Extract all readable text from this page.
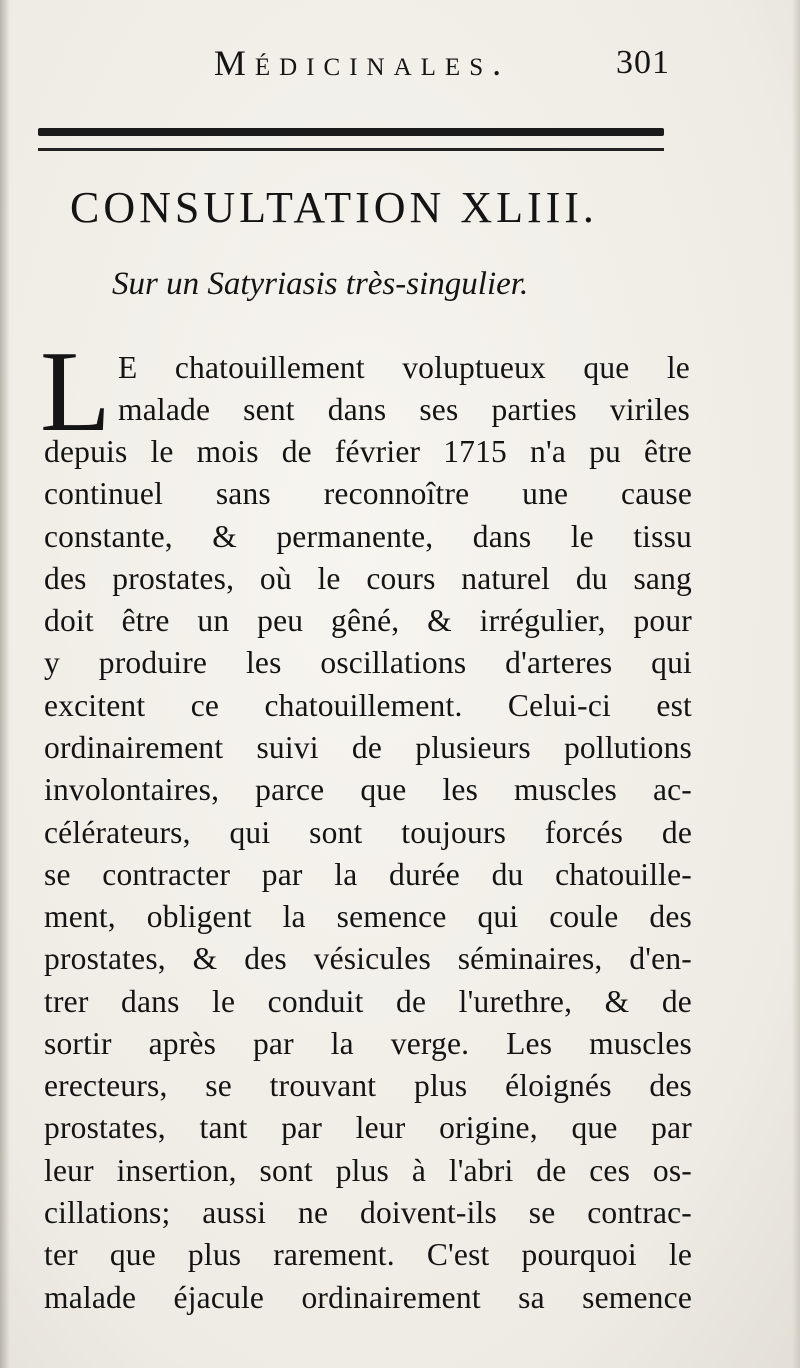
Médicinales.	301
CONSULTATION XLIII.
Sur un Satyriasis très-singulier.
L E chatouillement voluptueux que le
malade sent dans ses parties viriles
depuis le mois de février 1715 n'a pu être
continuel sans reconnoître une cause
constante, & permanente, dans le tissu
des prostates, où le cours naturel du sang
doit être un peu gêné, & irrégulier, pour
y produire les oscillations d'arteres qui
excitent ce chatouillement. Celui-ci est
ordinairement suivi de plusieurs pollutions
involontaires, parce que les muscles ac-
célérateurs, qui sont toujours forcés de
se contracter par la durée du chatouille-
ment, obligent la semence qui coule des
prostates, & des vésicules séminaires, d'en-
trer dans le conduit de l'urethre, & de
sortir après par la verge. Les muscles
erecteurs, se trouvant plus éloignés des
prostates, tant par leur origine, que par
leur insertion, sont plus à l'abri de ces os-
cillations; aussi ne doivent-ils se contrac-
ter que plus rarement. C'est pourquoi le
malade éjacule ordinairement sa semence
